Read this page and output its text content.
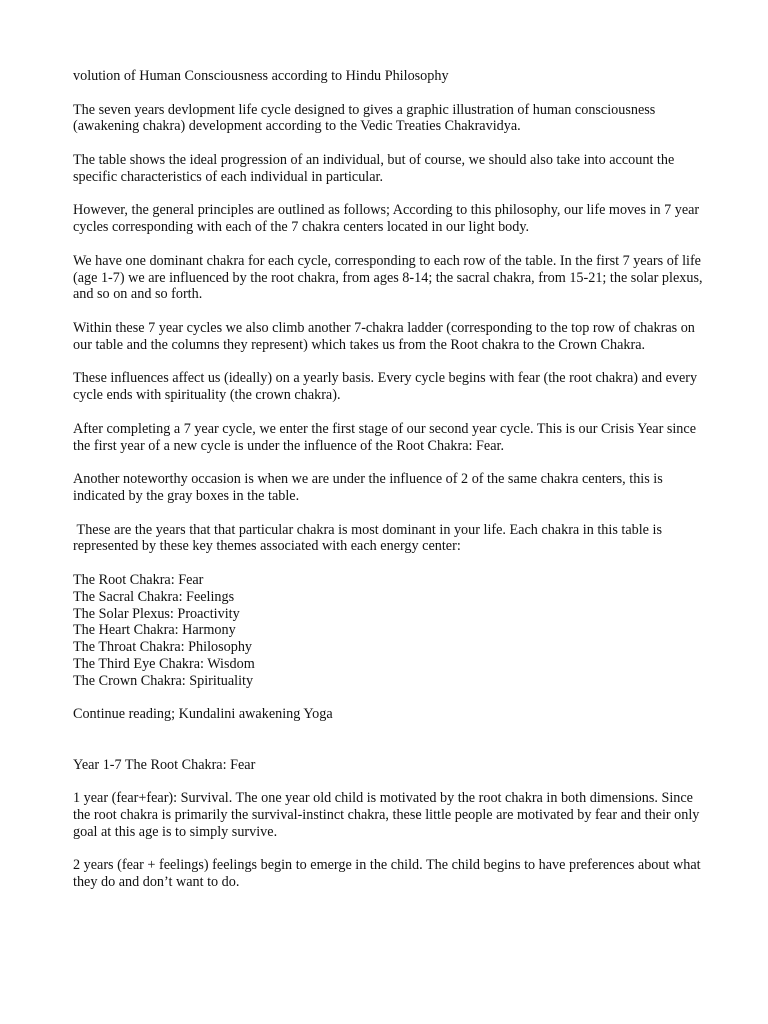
volution of Human Consciousness according to Hindu Philosophy

The seven years devlopment life cycle designed to gives a graphic illustration of human consciousness (awakening chakra) development according to the Vedic Treaties Chakravidya.

The table shows the ideal progression of an individual, but of course, we should also take into account the specific characteristics of each individual in particular.

However, the general principles are outlined as follows; According to this philosophy, our life moves in 7 year cycles corresponding with each of the 7 chakra centers located in our light body.

We have one dominant chakra for each cycle, corresponding to each row of the table. In the first 7 years of life (age 1-7) we are influenced by the root chakra, from ages 8-14; the sacral chakra, from 15-21; the solar plexus, and so on and so forth.

Within these 7 year cycles we also climb another 7-chakra ladder (corresponding to the top row of chakras on our table and the columns they represent) which takes us from the Root chakra to the Crown Chakra.

These influences affect us (ideally) on a yearly basis. Every cycle begins with fear (the root chakra) and every cycle ends with spirituality (the crown chakra).

After completing a 7 year cycle, we enter the first stage of our second year cycle. This is our Crisis Year since the first year of a new cycle is under the influence of the Root Chakra: Fear.

Another noteworthy occasion is when we are under the influence of 2 of the same chakra centers, this is indicated by the gray boxes in the table.

These are the years that that particular chakra is most dominant in your life. Each chakra in this table is represented by these key themes associated with each energy center:

The Root Chakra: Fear
The Sacral Chakra: Feelings
The Solar Plexus: Proactivity
The Heart Chakra: Harmony
The Throat Chakra: Philosophy
The Third Eye Chakra: Wisdom
The Crown Chakra: Spirituality

Continue reading; Kundalini awakening Yoga

Year 1-7 The Root Chakra: Fear

1 year (fear+fear): Survival. The one year old child is motivated by the root chakra in both dimensions. Since the root chakra is primarily the survival-instinct chakra, these little people are motivated by fear and their only goal at this age is to simply survive.

2 years (fear + feelings) feelings begin to emerge in the child. The child begins to have preferences about what they do and don’t want to do.
